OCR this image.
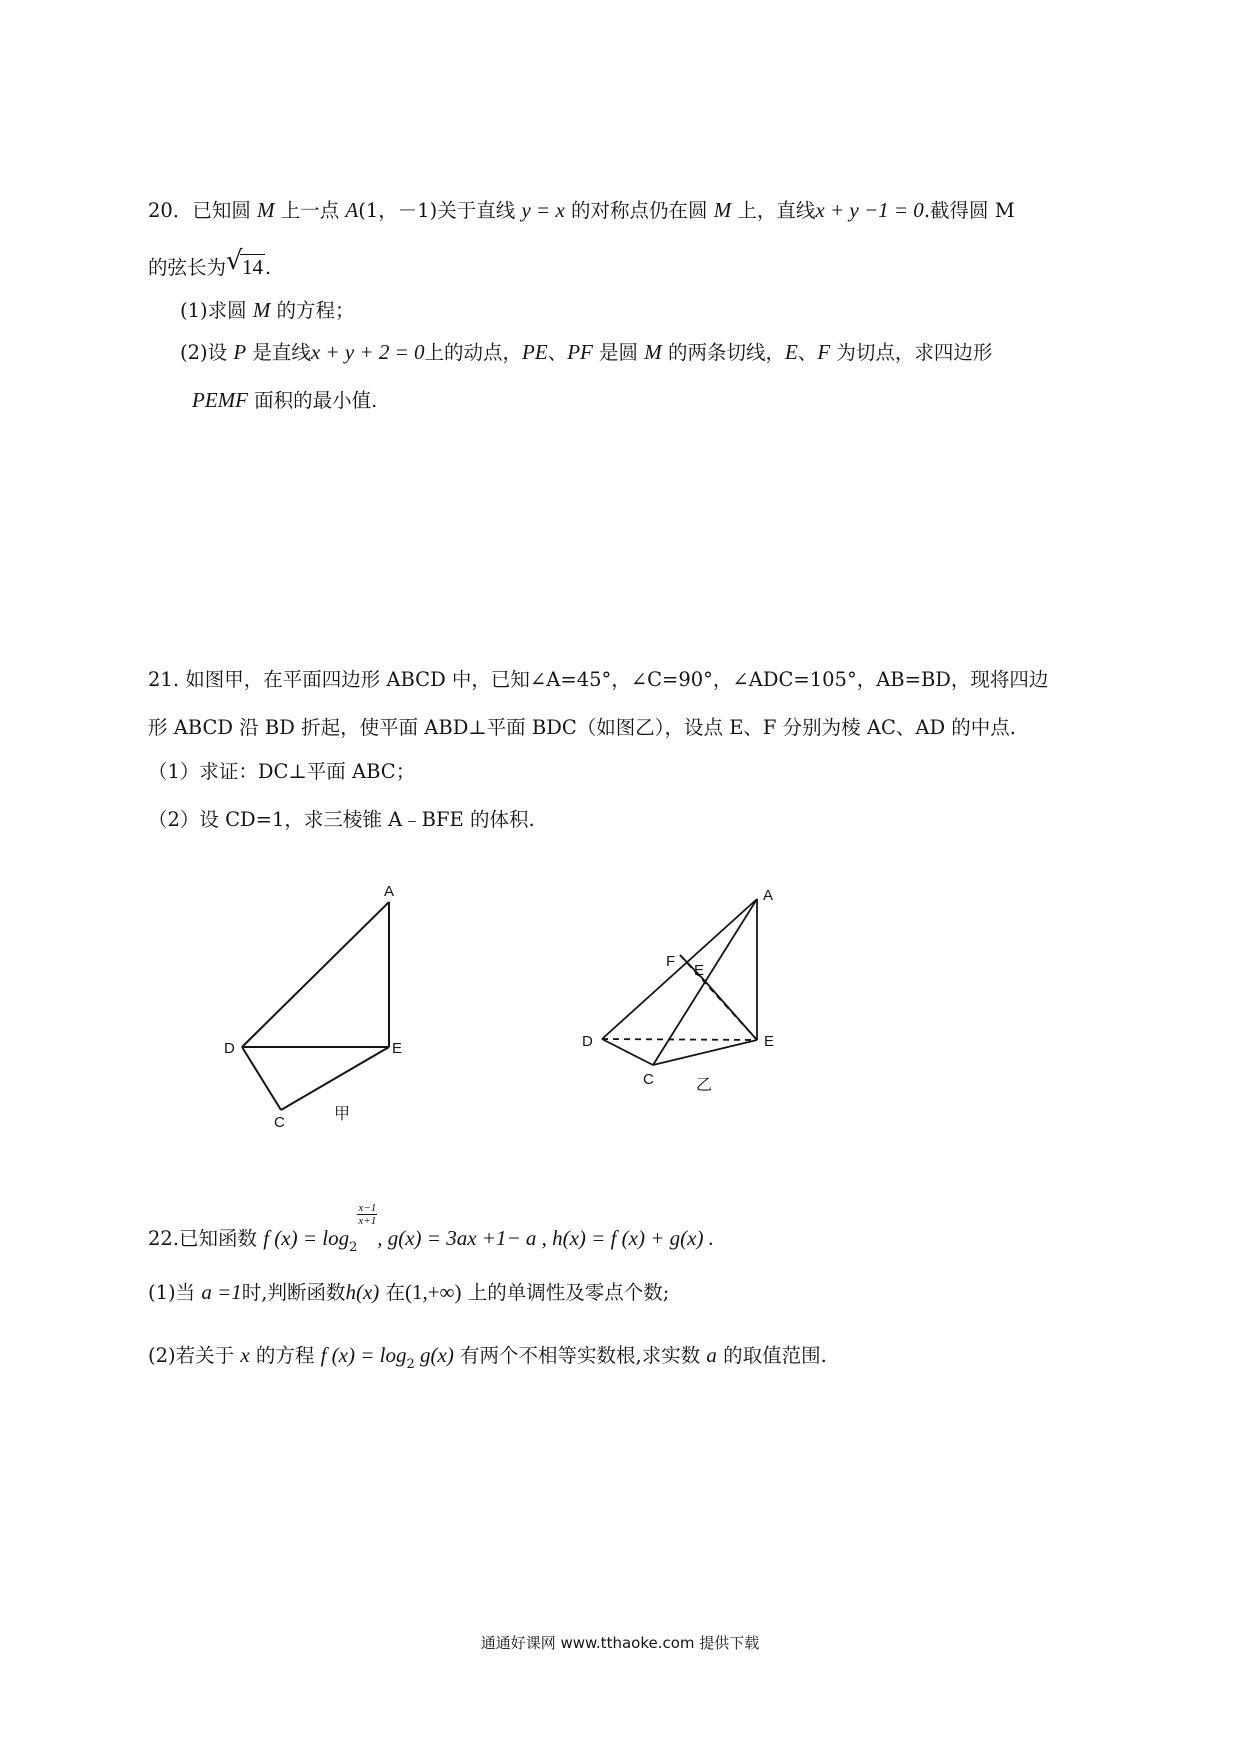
20．已知圆 M 上一点 A(1，－1)关于直线 y = x 的对称点仍在圆 M 上，直线x + y −1 = 0.截得圆 M
的弦长为 √ 14 .
(1)求圆 M 的方程；
(2)设 P 是直线x + y + 2 = 0上的动点，PE、PF 是圆 M 的两条切线，E、F 为切点，求四边形
PEMF 面积的最小值.
21. 如图甲，在平面四边形 ABCD 中，已知∠A=45°，∠C=90°，∠ADC=105°，AB=BD，现将四边
形 ABCD 沿 BD 折起，使平面 ABD⊥平面 BDC（如图乙），设点 E、F 分别为棱 AC、AD 的中点.
（1）求证：DC⊥平面 ABC；
（2）设 CD=1，求三棱锥 A﹣BFE 的体积.
A
D	E
C	甲
A
F
E
D	E
C	乙
22.已知函数 f $(x) = \log_2$
$\frac{x-1}{x+1}$
, g(x) = 3ax +1− a , h(x) = f (x) + g(x) .
(1)当 a =1时,判断函数h(x) 在(1,+∞) 上的单调性及零点个数;
(2)若关于 x 的方程 f $(x) = \log_2 g(x)$ 有两个不相等实数根,求实数 a 的取值范围.
通通好课网 www.tthaoke.com 提供下载
